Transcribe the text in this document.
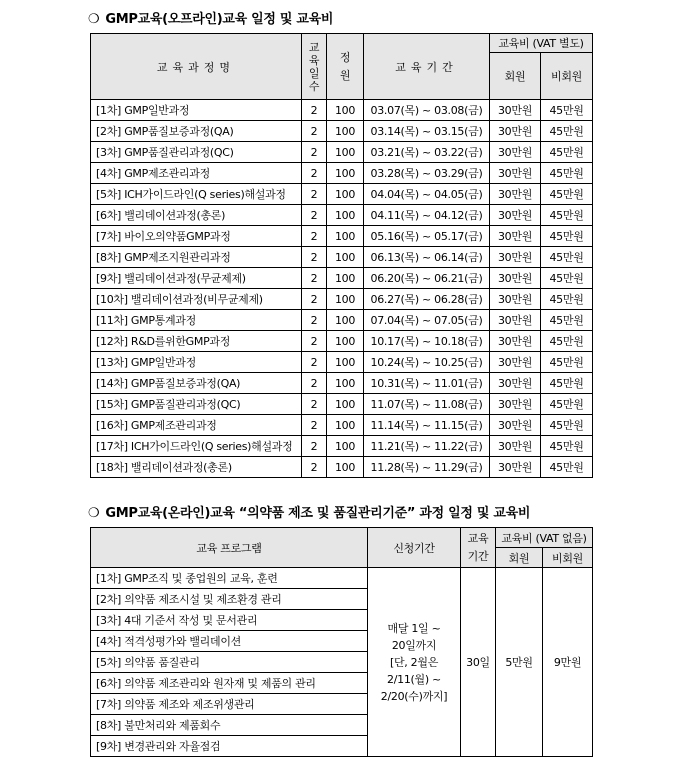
❍ GMP교육(오프라인)교육 일정 및 교육비
교육과정명	교
육
일
수	정
원	교육기간	교육비 (VAT 별도)	
				회원	비회원
[1차] GMP일반과정	2	100	03.07(목) ~ 03.08(금)	30만원	45만원
[2차] GMP품질보증과정(QA)	2	100	03.14(목) ~ 03.15(금)	30만원	45만원
[3차] GMP품질관리과정(QC)	2	100	03.21(목) ~ 03.22(금)	30만원	45만원
[4차] GMP제조관리과정	2	100	03.28(목) ~ 03.29(금)	30만원	45만원
[5차] ICH가이드라인(Q series)해설과정	2	100	04.04(목) ~ 04.05(금)	30만원	45만원
[6차] 밸리데이션과정(총론)	2	100	04.11(목) ~ 04.12(금)	30만원	45만원
[7차] 바이오의약품GMP과정	2	100	05.16(목) ~ 05.17(금)	30만원	45만원
[8차] GMP제조지원관리과정	2	100	06.13(목) ~ 06.14(금)	30만원	45만원
[9차] 밸리데이션과정(무균제제)	2	100	06.20(목) ~ 06.21(금)	30만원	45만원
[10차] 밸리데이션과정(비무균제제)	2	100	06.27(목) ~ 06.28(금)	30만원	45만원
[11차] GMP통계과정	2	100	07.04(목) ~ 07.05(금)	30만원	45만원
[12차] R&D를위한GMP과정	2	100	10.17(목) ~ 10.18(금)	30만원	45만원
[13차] GMP일반과정	2	100	10.24(목) ~ 10.25(금)	30만원	45만원
[14차] GMP품질보증과정(QA)	2	100	10.31(목) ~ 11.01(금)	30만원	45만원
[15차] GMP품질관리과정(QC)	2	100	11.07(목) ~ 11.08(금)	30만원	45만원
[16차] GMP제조관리과정	2	100	11.14(목) ~ 11.15(금)	30만원	45만원
[17차] ICH가이드라인(Q series)해설과정	2	100	11.21(목) ~ 11.22(금)	30만원	45만원
[18차] 밸리데이션과정(총론)	2	100	11.28(목) ~ 11.29(금)	30만원	45만원
❍ GMP교육(온라인)교육 “의약품 제조 및 품질관리기준” 과정 일정 및 교육비
교육 프로그램	신청기간	교육
기간	교육비 (VAT 없음)	
			회원	비회원
[1차] GMP조직 및 종업원의 교육, 훈련	매달 1일 ~
20일까지
[단, 2월은
2/11(월) ~
2/20(수)까지]	30일	5만원	9만원
[2차] 의약품 제조시설 및 제조환경 관리				
[3차] 4대 기준서 작성 및 문서관리				
[4차] 적격성평가와 밸리데이션				
[5차] 의약품 품질관리				
[6차] 의약품 제조관리와 원자재 및 제품의 관리				
[7차] 의약품 제조와 제조위생관리				
[8차] 불만처리와 제품회수				
[9차] 변경관리와 자율점검				
